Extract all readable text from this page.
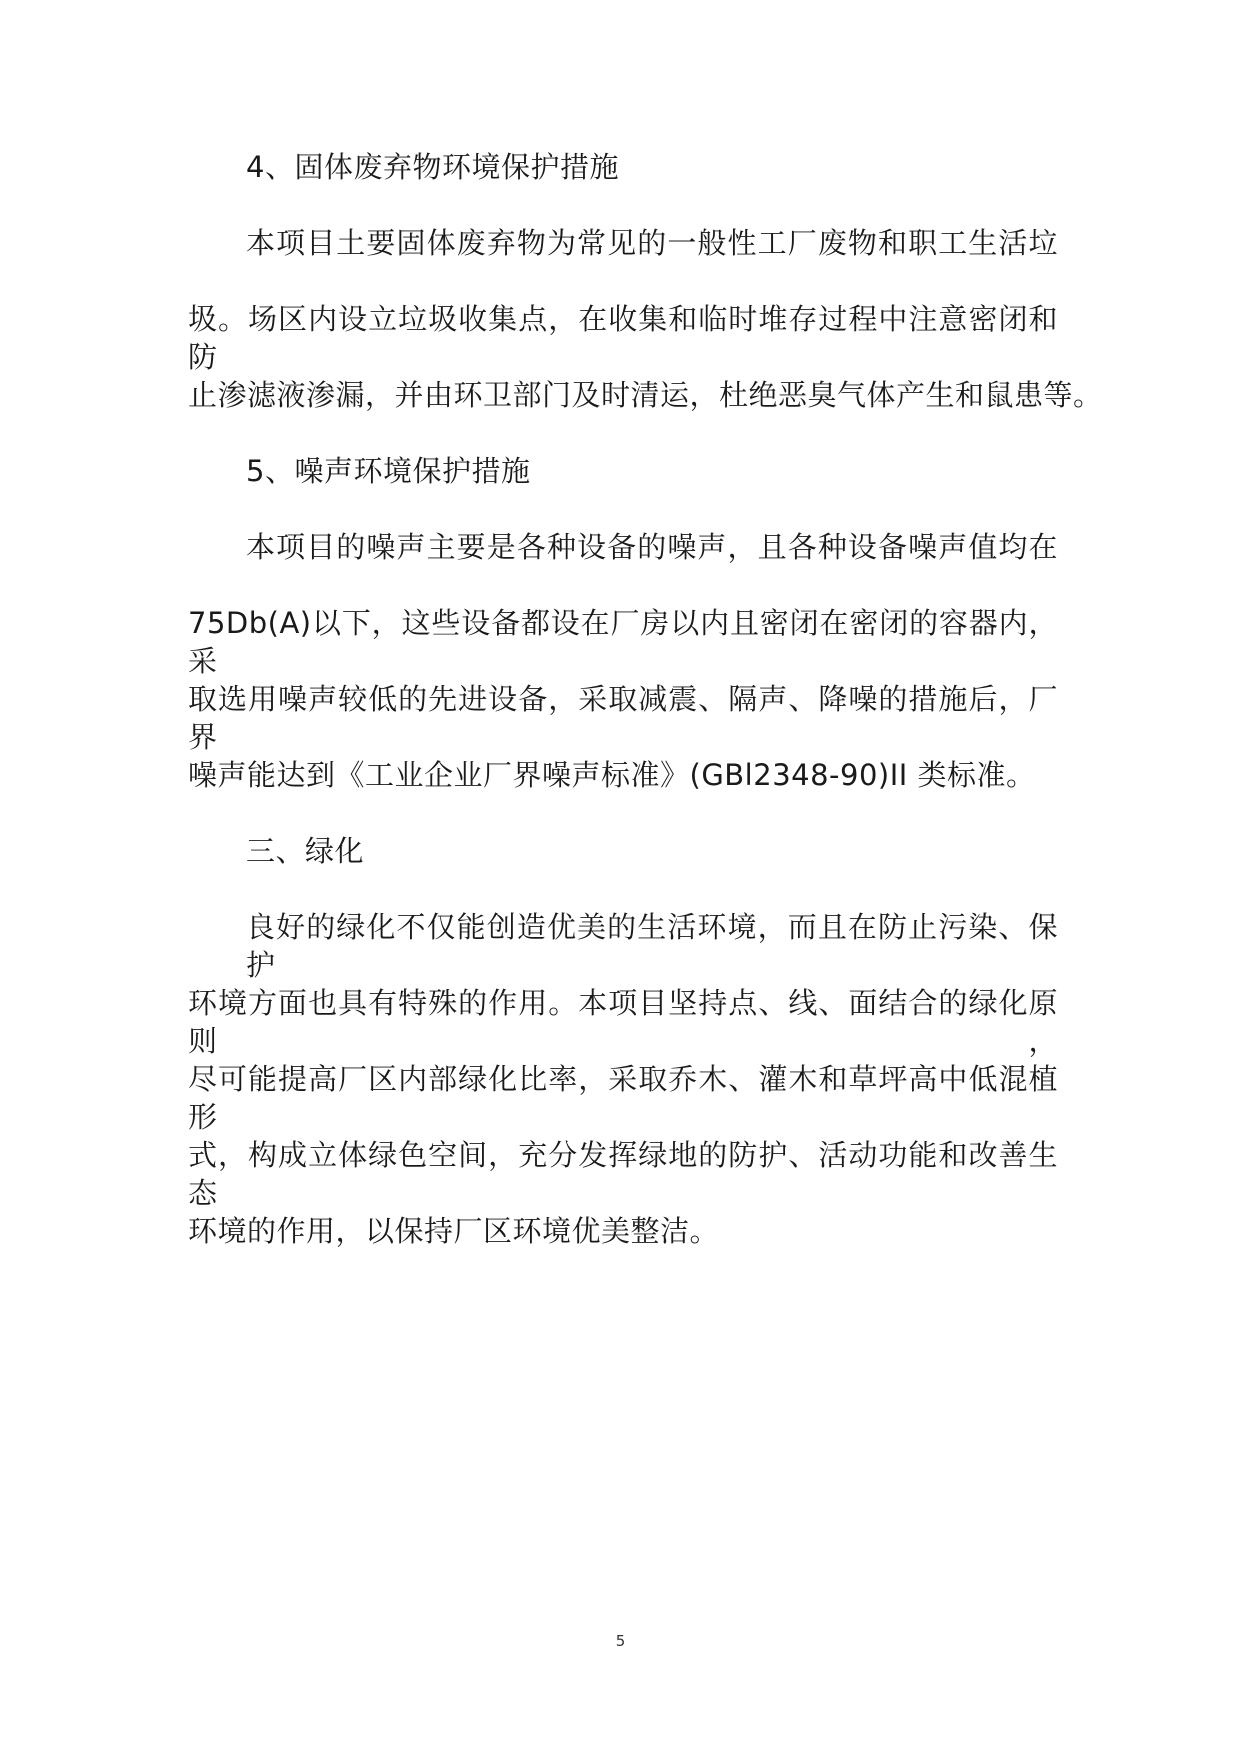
4、固体废弃物环境保护措施
本项目土要固体废弃物为常见的一般性工厂废物和职工生活垃
圾。场区内设立垃圾收集点，在收集和临时堆存过程中注意密闭和防
止渗滤液渗漏，并由环卫部门及时清运，杜绝恶臭气体产生和鼠患等。
5、噪声环境保护措施
本项目的噪声主要是各种设备的噪声，且各种设备噪声值均在
75Db(A)以下，这些设备都设在厂房以内且密闭在密闭的容器内，采
取选用噪声较低的先进设备，采取减震、隔声、降噪的措施后，厂界
噪声能达到《工业企业厂界噪声标准》(GBl2348-90)II 类标准。
三、绿化
良好的绿化不仅能创造优美的生活环境，而且在防止污染、保护
环境方面也具有特殊的作用。本项目坚持点、线、面结合的绿化原则，
尽可能提高厂区内部绿化比率，采取乔木、灌木和草坪高中低混植形
式，构成立体绿色空间，充分发挥绿地的防护、活动功能和改善生态
环境的作用，以保持厂区环境优美整洁。
5
